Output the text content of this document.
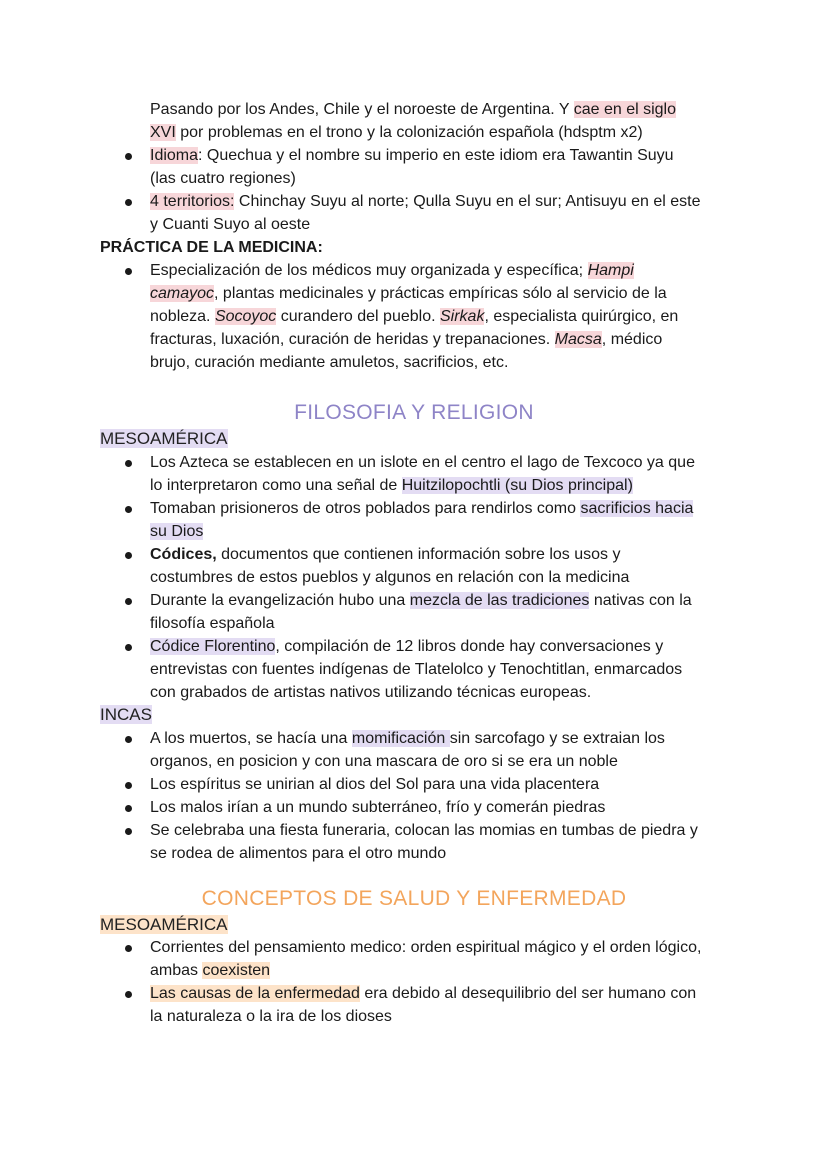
Pasando por los Andes, Chile y el noroeste de Argentina. Y cae en el siglo
XVI por problemas en el trono y la colonización española (hdsptm x2)
Idioma: Quechua y el nombre su imperio en este idiom era Tawantin Suyu
(las cuatro regiones)
4 territorios: Chinchay Suyu al norte; Qulla Suyu en el sur; Antisuyu en el este
y Cuanti Suyo al oeste
PRÁCTICA DE LA MEDICINA:
Especialización de los médicos muy organizada y específica; Hampi
camayoc, plantas medicinales y prácticas empíricas sólo al servicio de la
nobleza. Socoyoc curandero del pueblo. Sirkak, especialista quirúrgico, en
fracturas, luxación, curación de heridas y trepanaciones. Macsa, médico
brujo, curación mediante amuletos, sacrificios, etc.
FILOSOFIA Y RELIGION
MESOAMÉRICA
Los Azteca se establecen en un islote en el centro el lago de Texcoco ya que
lo interpretaron como una señal de Huitzilopochtli (su Dios principal)
Tomaban prisioneros de otros poblados para rendirlos como sacrificios hacia
su Dios
Códices, documentos que contienen información sobre los usos y
costumbres de estos pueblos y algunos en relación con la medicina
Durante la evangelización hubo una mezcla de las tradiciones nativas con la
filosofía española
Códice Florentino, compilación de 12 libros donde hay conversaciones y
entrevistas con fuentes indígenas de Tlatelolco y Tenochtitlan, enmarcados
con grabados de artistas nativos utilizando técnicas europeas.
INCAS
A los muertos, se hacía una momificación sin sarcofago y se extraian los
organos, en posicion y con una mascara de oro si se era un noble
Los espíritus se unirian al dios del Sol para una vida placentera
Los malos irían a un mundo subterráneo, frío y comerán piedras
Se celebraba una fiesta funeraria, colocan las momias en tumbas de piedra y
se rodea de alimentos para el otro mundo
CONCEPTOS DE SALUD Y ENFERMEDAD
MESOAMÉRICA
Corrientes del pensamiento medico: orden espiritual mágico y el orden lógico,
ambas coexisten
Las causas de la enfermedad era debido al desequilibrio del ser humano con
la naturaleza o la ira de los dioses
